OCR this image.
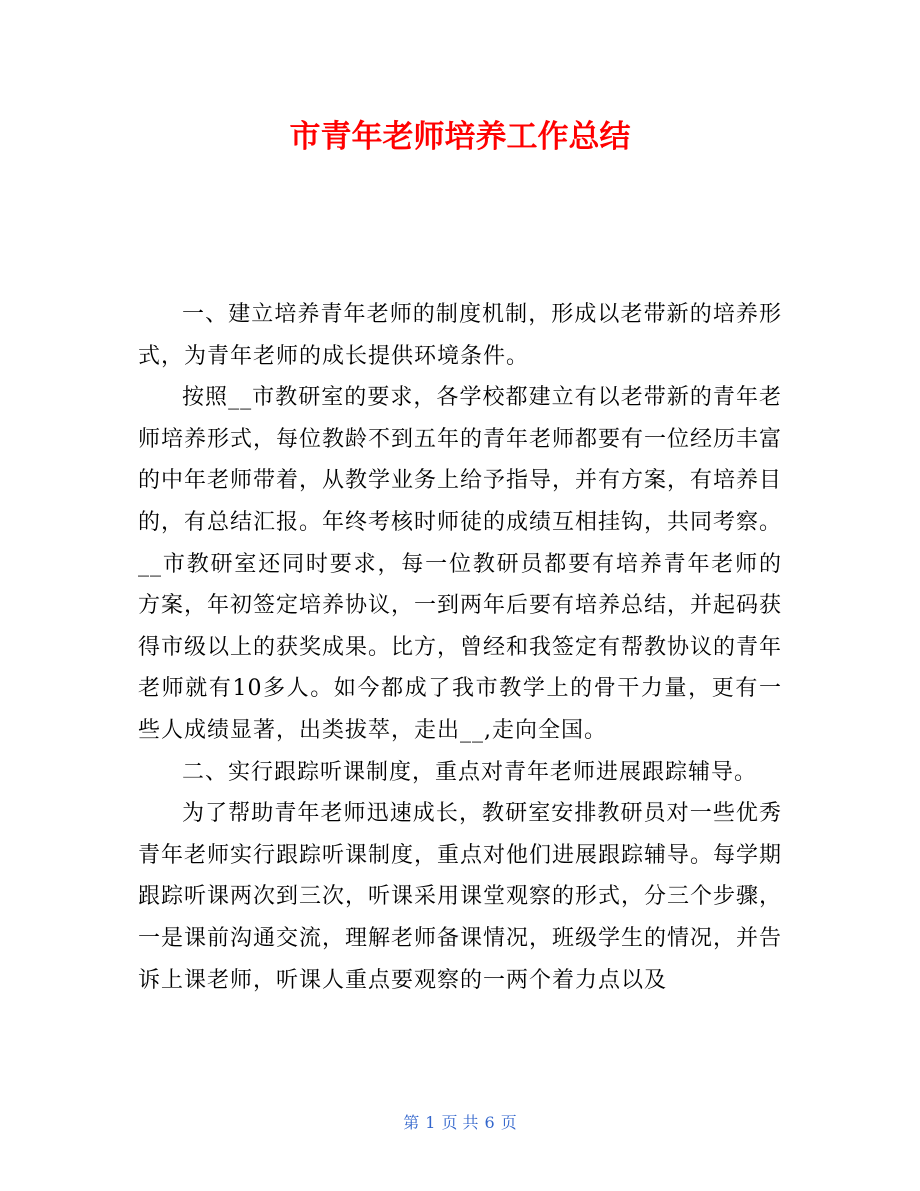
市青年老师培养工作总结

一、建立培养青年老师的制度机制，形成以老带新的培养形式，为青年老师的成长提供环境条件。

按照__市教研室的要求，各学校都建立有以老带新的青年老师培养形式，每位教龄不到五年的青年老师都要有一位经历丰富的中年老师带着，从教学业务上给予指导，并有方案，有培养目的，有总结汇报。年终考核时师徒的成绩互相挂钩，共同考察。__市教研室还同时要求，每一位教研员都要有培养青年老师的方案，年初签定培养协议，一到两年后要有培养总结，并起码获得市级以上的获奖成果。比方，曾经和我签定有帮教协议的青年老师就有10多人。如今都成了我市教学上的骨干力量，更有一些人成绩显著，出类拔萃，走出__,走向全国。

二、实行跟踪听课制度，重点对青年老师进展跟踪辅导。

为了帮助青年老师迅速成长，教研室安排教研员对一些优秀青年老师实行跟踪听课制度，重点对他们进展跟踪辅导。每学期跟踪听课两次到三次，听课采用课堂观察的形式，分三个步骤，一是课前沟通交流，理解老师备课情况，班级学生的情况，并告诉上课老师，听课人重点要观察的一两个着力点以及

第 1 页 共 6 页
